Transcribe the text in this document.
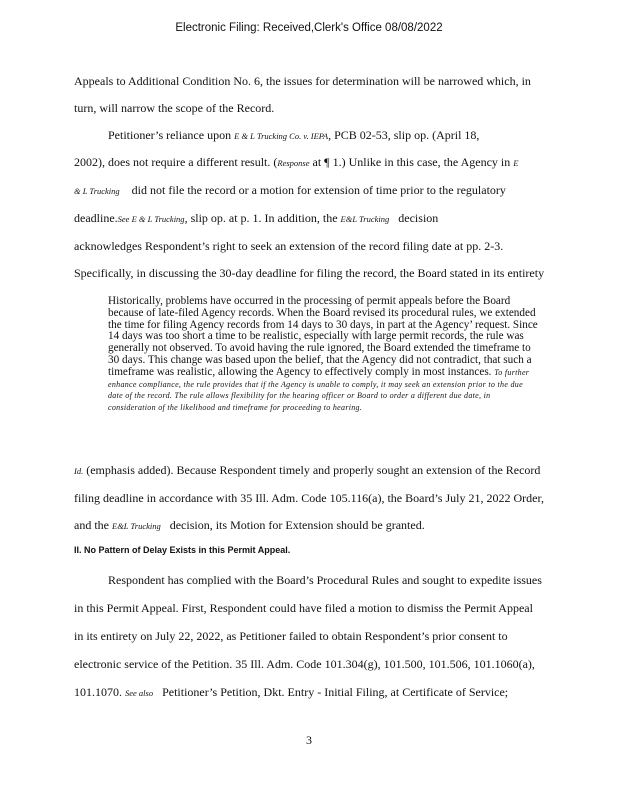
Electronic Filing: Received,Clerk's Office 08/08/2022
Appeals to Additional Condition No. 6, the issues for determination will be narrowed which, in
turn, will narrow the scope of the Record.
Petitioner’s reliance upon E & L Trucking Co. v. IEPA, PCB 02-53, slip op. (April 18,
2002), does not require a different result. (Response at ¶ 1.) Unlike in this case, the Agency in E
& L Trucking did not file the record or a motion for extension of time prior to the regulatory
deadline.See E & L Trucking, slip op. at p. 1. In addition, the E&L Trucking decision
acknowledges Respondent’s right to seek an extension of the record filing date at pp. 2-3.
Specifically, in discussing the 30-day deadline for filing the record, the Board stated in its entirety
Historically, problems have occurred in the processing of permit appeals before the Board because of late-filed Agency records. When the Board revised its procedural rules, we extended the time for filing Agency records from 14 days to 30 days, in part at the Agency’ request. Since 14 days was too short a time to be realistic, especially with large permit records, the rule was generally not observed. To avoid having the rule ignored, the Board extended the timeframe to 30 days. This change was based upon the belief, that the Agency did not contradict, that such a timeframe was realistic, allowing the Agency to effectively comply in most instances. To further enhance compliance, the rule provides that if the Agency is unable to comply, it may seek an extension prior to the due date of the record. The rule allows flexibility for the hearing officer or Board to order a different due date, in consideration of the likelihood and timeframe for proceeding to hearing.
Id. (emphasis added). Because Respondent timely and properly sought an extension of the Record
filing deadline in accordance with 35 Ill. Adm. Code 105.116(a), the Board’s July 21, 2022 Order,
and the E&L Trucking decision, its Motion for Extension should be granted.
II. No Pattern of Delay Exists in this Permit Appeal.
Respondent has complied with the Board’s Procedural Rules and sought to expedite issues
in this Permit Appeal. First, Respondent could have filed a motion to dismiss the Permit Appeal
in its entirety on July 22, 2022, as Petitioner failed to obtain Respondent’s prior consent to
electronic service of the Petition. 35 Ill. Adm. Code 101.304(g), 101.500, 101.506, 101.1060(a),
101.1070. See also Petitioner’s Petition, Dkt. Entry - Initial Filing, at Certificate of Service;
3
